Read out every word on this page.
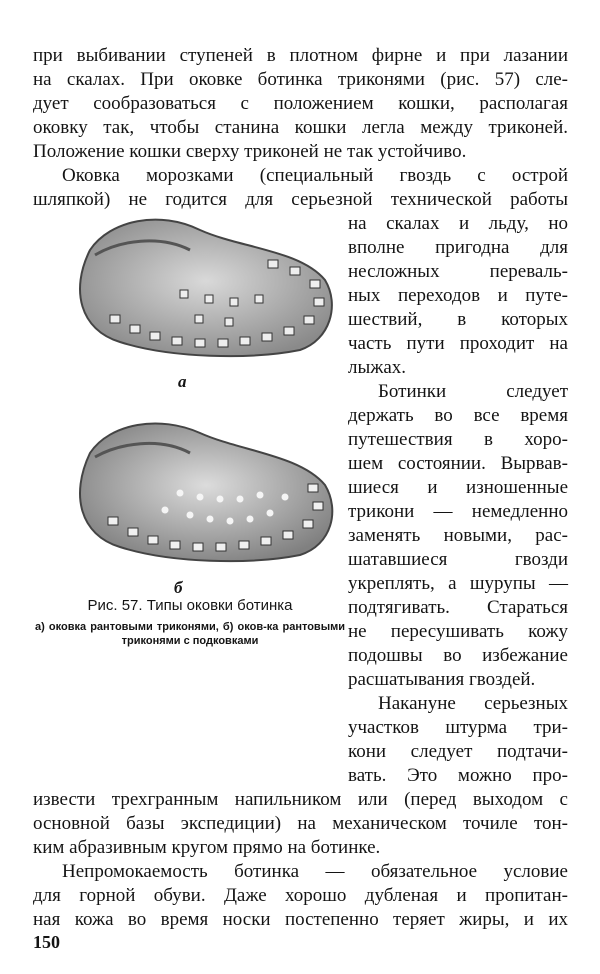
при выбивании ступеней в плотном фирне и при лазании
на скалах. При оковке ботинка триконями (рис. 57) сле-
дует сообразоваться с положением кошки, располагая
оковку так, чтобы станина кошки легла между триконей.
Положение кошки сверху триконей не так устойчиво.
Оковка морозками (специальный гвоздь с острой
шляпкой) не годится для серьезной технической работы
на скалах и льду, но
вполне пригодна для
несложных переваль-
ных переходов и путе-
шествий, в которых
часть пути проходит на
лыжах.
Ботинки следует
держать во все время
путешествия в хоро-
шем состоянии. Вырвав-
шиеся и изношенные
трикони — немедленно
заменять новыми, рас-
шатавшиеся гвозди
укреплять, а шурупы —
подтягивать. Стараться
не пересушивать кожу
подошвы во избежание
расшатывания гвоздей.
Накануне серьезных
участков штурма три-
кони следует подтачи-
вать. Это можно про-
извести трехгранным напильником или (перед выходом с
основной базы экспедиции) на механическом точиле тон-
ким абразивным кругом прямо на ботинке.
Непромокаемость ботинка — обязательное условие
для горной обуви. Даже хорошо дубленая и пропитан-
ная кожа во время носки постепенно теряет жиры, и их
а
б
Рис. 57. Типы оковки ботинка
а) оковка рантовыми триконями, б) оков-ка рантовыми триконями с подковками
150
